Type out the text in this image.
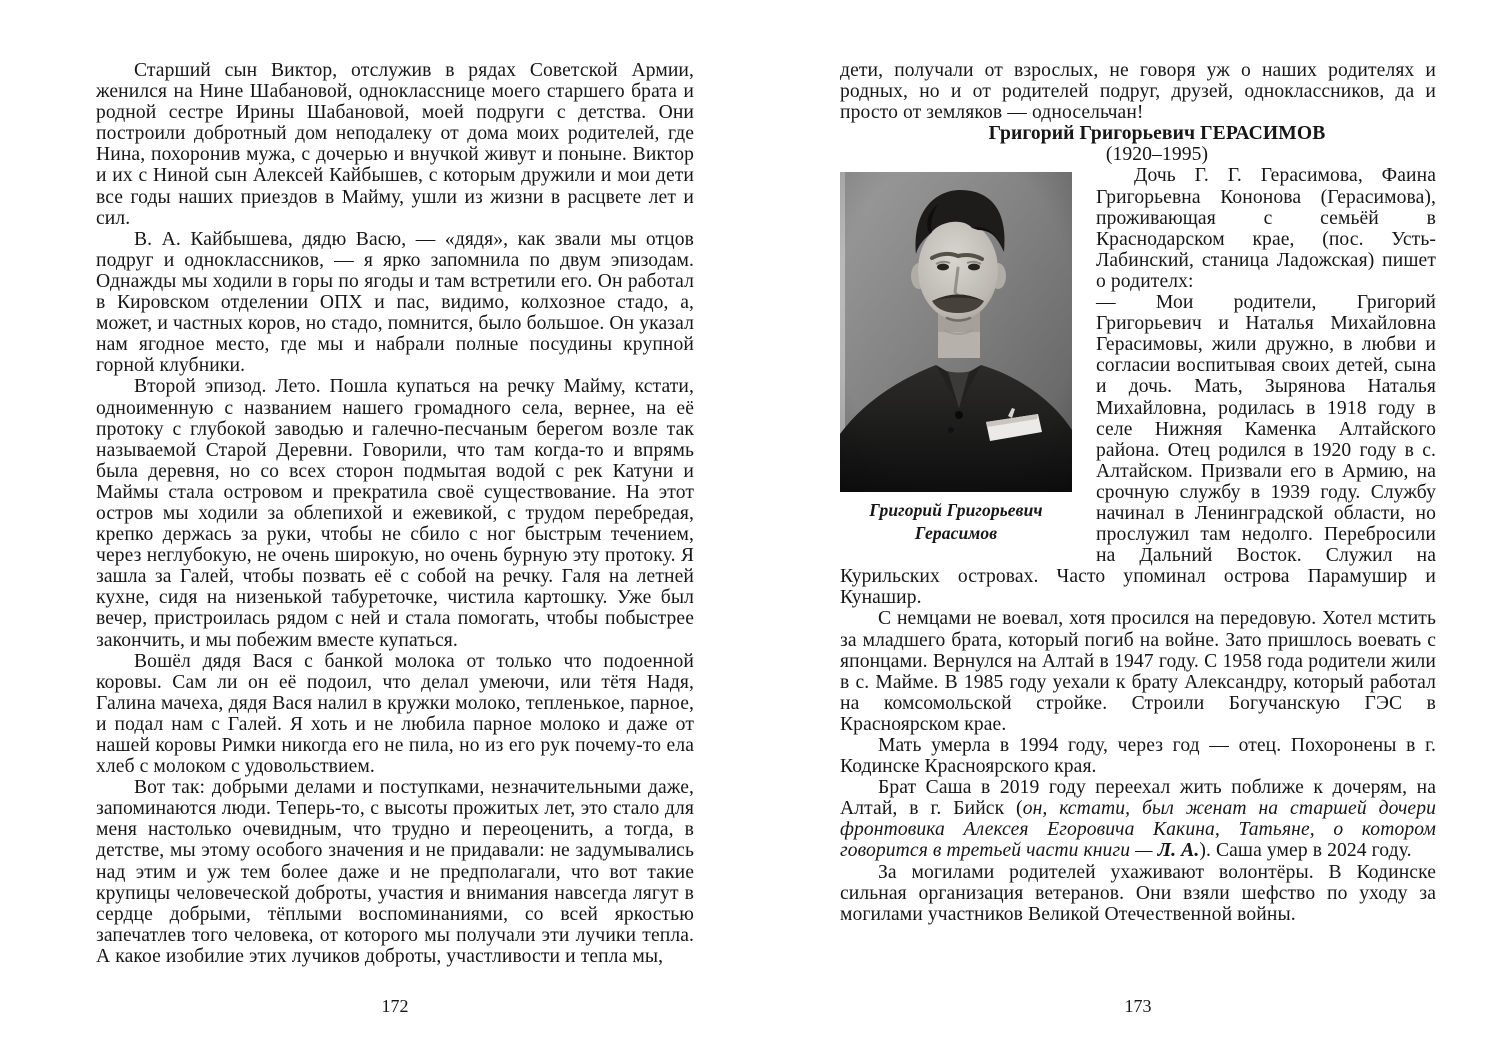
Старший сын Виктор, отслужив в рядах Советской Армии, женился на Нине Шабановой, однокласснице моего старшего брата и родной сестре Ирины Шабановой, моей подруги с детства. Они построили добротный дом неподалеку от дома моих родителей, где Нина, похоронив мужа, с дочерью и внучкой живут и поныне. Виктор и их с Ниной сын Алексей Кайбышев, с которым дружили и мои дети все годы наших приездов в Майму, ушли из жизни в расцвете лет и сил.

В. А. Кайбышева, дядю Васю, — «дядя», как звали мы отцов подруг и одноклассников, — я ярко запомнила по двум эпизодам. Однажды мы ходили в горы по ягоды и там встретили его. Он работал в Кировском отделении ОПХ и пас, видимо, колхозное стадо, а, может, и частных коров, но стадо, помнится, было большое. Он указал нам ягодное место, где мы и набрали полные посудины крупной горной клубники.

Второй эпизод. Лето. Пошла купаться на речку Майму, кстати, одноименную с названием нашего громадного села, вернее, на её протоку с глубокой заводью и галечно-песчаным берегом возле так называемой Старой Деревни. Говорили, что там когда-то и впрямь была деревня, но со всех сторон подмытая водой с рек Катуни и Маймы стала островом и прекратила своё существование. На этот остров мы ходили за облепихой и ежевикой, с трудом перебредая, крепко держась за руки, чтобы не сбило с ног быстрым течением, через неглубокую, не очень широкую, но очень бурную эту протоку. Я зашла за Галей, чтобы позвать её с собой на речку. Галя на летней кухне, сидя на низенькой табуреточке, чистила картошку. Уже был вечер, пристроилась рядом с ней и стала помогать, чтобы побыстрее закончить, и мы побежим вместе купаться.

Вошёл дядя Вася с банкой молока от только что подоенной коровы. Сам ли он её подоил, что делал умеючи, или тётя Надя, Галина мачеха, дядя Вася налил в кружки молоко, тепленькое, парное, и подал нам с Галей. Я хоть и не любила парное молоко и даже от нашей коровы Римки никогда его не пила, но из его рук почему-то ела хлеб с молоком с удовольствием.

Вот так: добрыми делами и поступками, незначительными даже, запоминаются люди. Теперь-то, с высоты прожитых лет, это стало для меня настолько очевидным, что трудно и переоценить, а тогда, в детстве, мы этому особого значения и не придавали: не задумывались над этим и уж тем более даже и не предполагали, что вот такие крупицы человеческой доброты, участия и внимания навсегда лягут в сердце добрыми, тёплыми воспоминаниями, со всей яркостью запечатлев того человека, от которого мы получали эти лучики тепла. А какое изобилие этих лучиков доброты, участливости и тепла мы,

172

дети, получали от взрослых, не говоря уж о наших родителях и родных, но и от родителей подруг, друзей, одноклассников, да и просто от земляков — односельчан!

Григорий Григорьевич ГЕРАСИМОВ

(1920–1995)

Григорий Григорьевич
Герасимов

Дочь Г. Г. Герасимова, Фаина Григорьевна Кононова (Герасимова), проживающая с семьёй в Краснодарском крае, (пос. Усть-Лабинский, станица Ладожская) пишет о родителх:

— Мои родители, Григорий Григорьевич и Наталья Михайловна Герасимовы, жили дружно, в любви и согласии воспитывая своих детей, сына и дочь. Мать, Зырянова Наталья Михайловна, родилась в 1918 году в селе Нижняя Каменка Алтайского района. Отец родился в 1920 году в с. Алтайском. Призвали его в Армию, на срочную службу в 1939 году. Службу начинал в Ленинградской области, но прослужил там недолго. Перебросили на Дальний Восток. Служил на Курильских островах. Часто упоминал острова Парамушир и Кунашир.

С немцами не воевал, хотя просился на передовую. Хотел мстить за младшего брата, который погиб на войне. Зато пришлось воевать с японцами. Вернулся на Алтай в 1947 году. С 1958 года родители жили в с. Майме. В 1985 году уехали к брату Александру, который работал на комсомольской стройке. Строили Богучанскую ГЭС в Красноярском крае.

Мать умерла в 1994 году, через год — отец. Похоронены в г. Кодинске Красноярского края.

Брат Саша в 2019 году переехал жить поближе к дочерям, на Алтай, в г. Бийск (он, кстати, был женат на старшей дочери фронтовика Алексея Егоровича Какина, Татьяне, о котором говорится в третьей части книги — Л. А.). Саша умер в 2024 году.

За могилами родителей ухаживают волонтёры. В Кодинске сильная организация ветеранов. Они взяли шефство по уходу за могилами участников Великой Отечественной войны.

173
